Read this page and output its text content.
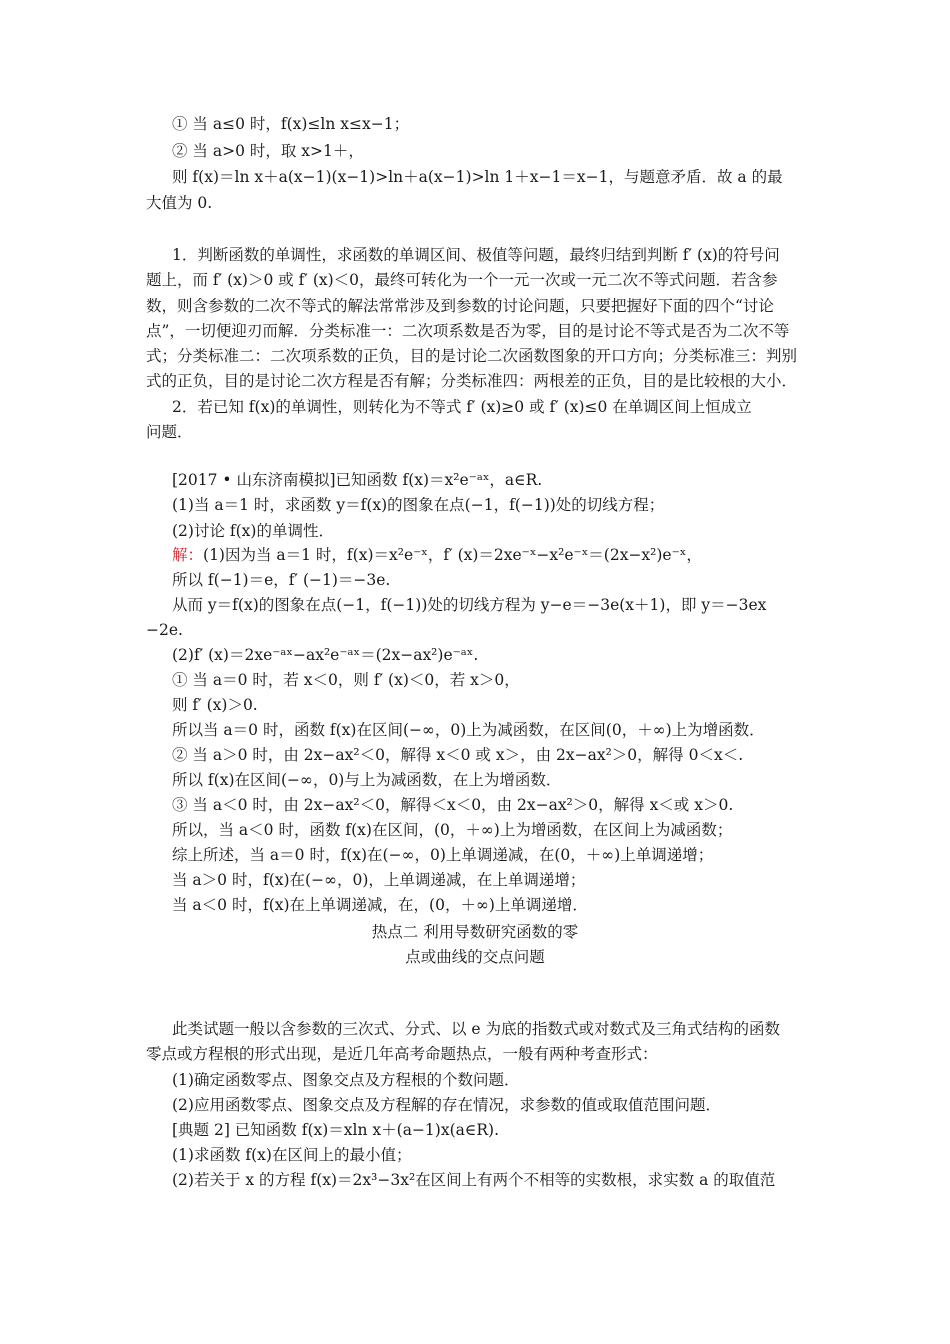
① 当 a≤0 时，f(x)≤ln x≤x−1；
② 当 a>0 时，取 x>1＋，
则 f(x)＝ln x＋a(x−1)(x−1)>ln＋a(x−1)>ln 1＋x−1＝x−1，与题意矛盾．故 a 的最
大值为 0.
1．判断函数的单调性，求函数的单调区间、极值等问题，最终归结到判断 f′ (x)的符号问
题上，而 f′ (x)＞0 或 f′ (x)＜0，最终可转化为一个一元一次或一元二次不等式问题．若含参
数，则含参数的二次不等式的解法常常涉及到参数的讨论问题，只要把握好下面的四个“讨论
点”，一切便迎刃而解．分类标准一：二次项系数是否为零，目的是讨论不等式是否为二次不等
式；分类标准二：二次项系数的正负，目的是讨论二次函数图象的开口方向；分类标准三：判别
式的正负，目的是讨论二次方程是否有解；分类标准四：两根差的正负，目的是比较根的大小．
2．若已知 f(x)的单调性，则转化为不等式 f′ (x)≥0 或 f′ (x)≤0 在单调区间上恒成立
问题．
[2017 • 山东济南模拟]已知函数 f(x)＝x²e⁻ᵃˣ，a∈R.
(1)当 a＝1 时，求函数 y＝f(x)的图象在点(−1，f(−1))处的切线方程；
(2)讨论 f(x)的单调性．
解：(1)因为当 a＝1 时，f(x)＝x²e⁻ˣ，f′ (x)＝2xe⁻ˣ−x²e⁻ˣ＝(2x−x²)e⁻ˣ，
所以 f(−1)＝e，f′ (−1)＝−3e.
从而 y＝f(x)的图象在点(−1，f(−1))处的切线方程为 y−e＝−3e(x＋1)，即 y＝−3ex
−2e.
(2)f′ (x)＝2xe⁻ᵃˣ−ax²e⁻ᵃˣ＝(2x−ax²)e⁻ᵃˣ.
① 当 a＝0 时，若 x＜0，则 f′ (x)＜0，若 x＞0，
则 f′ (x)＞0.
所以当 a＝0 时，函数 f(x)在区间(−∞，0)上为减函数，在区间(0，＋∞)上为增函数．
② 当 a＞0 时，由 2x−ax²＜0，解得 x＜0 或 x＞，由 2x−ax²＞0，解得 0＜x＜.
所以 f(x)在区间(−∞，0)与上为减函数，在上为增函数．
③ 当 a＜0 时，由 2x−ax²＜0，解得＜x＜0，由 2x−ax²＞0，解得 x＜或 x＞0.
所以，当 a＜0 时，函数 f(x)在区间，(0，＋∞)上为增函数，在区间上为减函数；
综上所述，当 a＝0 时，f(x)在(−∞，0)上单调递减，在(0，＋∞)上单调递增；
当 a＞0 时，f(x)在(−∞，0)，上单调递减，在上单调递增；
当 a＜0 时，f(x)在上单调递减，在，(0，＋∞)上单调递增．
热点二 利用导数研究函数的零
点或曲线的交点问题
此类试题一般以含参数的三次式、分式、以 e 为底的指数式或对数式及三角式结构的函数
零点或方程根的形式出现，是近几年高考命题热点，一般有两种考查形式：
(1)确定函数零点、图象交点及方程根的个数问题．
(2)应用函数零点、图象交点及方程解的存在情况，求参数的值或取值范围问题．
[典题 2] 已知函数 f(x)＝xln x＋(a−1)x(a∈R).
(1)求函数 f(x)在区间上的最小值；
(2)若关于 x 的方程 f(x)＝2x³−3x²在区间上有两个不相等的实数根，求实数 a 的取值范
